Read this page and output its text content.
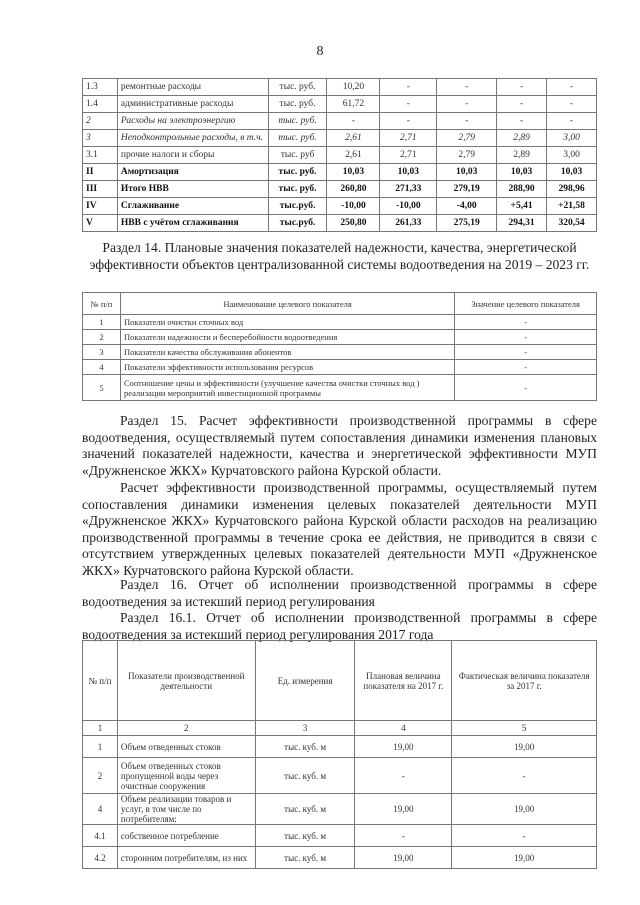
8
1.3	ремонтные расходы	тыс. руб.	10,20	-	-	-	-
1.4	административные расходы	тыс. руб.	61,72	-	-	-	-
2	Расходы на электроэнергию	тыс. руб.	-	-	-	-	-
3	Неподконтрольные расходы, в т.ч.	тыс. руб.	2,61	2,71	2,79	2,89	3,00
3.1	прочие налоги и сборы	тыс. руб	2,61	2,71	2,79	2,89	3,00
II	Амортизация	тыс. руб.	10,03	10,03	10,03	10,03	10,03
III	Итого НВВ	тыс. руб.	260,80	271,33	279,19	288,90	298,96
IV	Сглаживание	тыс.руб.	-10,00	-10,00	-4,00	+5,41	+21,58
V	НВВ с учётом сглаживания	тыс.руб.	250,80	261,33	275,19	294,31	320,54
Раздел 14. Плановые значения показателей надежности, качества, энергетической эффективности объектов централизованной системы водоотведения на 2019 – 2023 гг.
№ п/п	Наименование целевого показателя	Значение целевого показателя
1	Показатели очистки сточных вод	-
2	Показатели надежности и бесперебойности водоотведения	-
3	Показатели качества обслуживания абонентов	-
4	Показатели эффективности использования ресурсов	-
5	Соотношение цены и эффективности (улучшение качества очистки сточных вод ) реализации мероприятий инвестиционной программы	-

Раздел 15. Расчет эффективности производственной программы в сфере водоотведения, осуществляемый путем сопоставления динамики изменения плановых значений показателей надежности, качества и энергетической эффективности МУП «Дружненское ЖКХ» Курчатовского района Курской области.

Расчет эффективности производственной программы, осуществляемый путем сопоставления динамики изменения целевых показателей деятельности МУП «Дружненское ЖКХ» Курчатовского района Курской области расходов на реализацию производственной программы в течение срока ее действия, не приводится в связи с отсутствием утвержденных целевых показателей деятельности МУП «Дружненское ЖКХ» Курчатовского района Курской области.

Раздел 16. Отчет об исполнении производственной программы в сфере водоотведения за истекший период регулирования

Раздел 16.1. Отчет об исполнении производственной программы в сфере водоотведения за истекший период регулирования 2017 года

№ п/п	Показатели производственной деятельности	Ед. измерения	Плановая величина показателя на 2017 г.	Фактическая величина показателя за 2017 г.
1	2	3	4	5
1	Объем отведенных стоков	тыс. куб. м	19,00	19,00
2	Объем отведенных стоков пропущенной воды через очистные сооружения	тыс. куб. м	-	-
4	Объем реализации товаров и услуг, в том числе по потребителям:	тыс. куб. м	19,00	19,00
4.1	собственное потребление	тыс. куб. м	-	-
4.2	сторонним потребителям, из них	тыс. куб. м	19,00	19,00
